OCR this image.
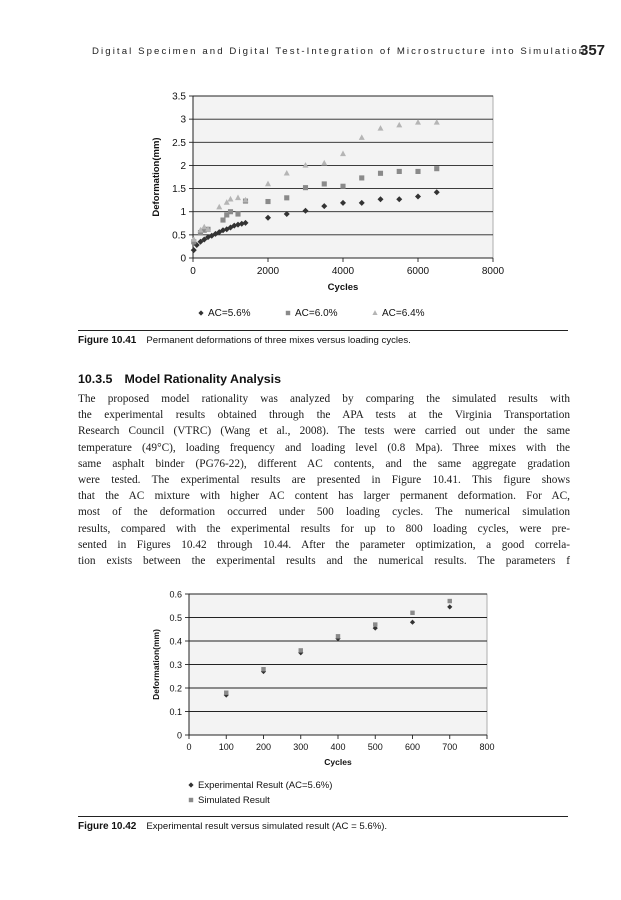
Digital Specimen and Digital Test-Integration of Microstructure into Simulation
357
0
0.5
1
1.5
2
2.5
3
3.5
0	2000	4000	6000	8000
Cycles
Deformation(mm)
AC=5.6%	AC=6.0%	AC=6.4%
Figure 10.41 Permanent deformations of three mixes versus loading cycles.
10.3.5 Model Rationality Analysis
The proposed model rationality was analyzed by comparing the simulated results with
the experimental results obtained through the APA tests at the Virginia Transportation
Research Council (VTRC) (Wang et al., 2008). The tests were carried out under the same
temperature (49°C), loading frequency and loading level (0.8 Mpa). Three mixes with the
same asphalt binder (PG76-22), different AC contents, and the same aggregate gradation
were tested. The experimental results are presented in Figure 10.41. This figure shows
that the AC mixture with higher AC content has larger permanent deformation. For AC,
most of the deformation occurred under 500 loading cycles. The numerical simulation
results, compared with the experimental results for up to 800 loading cycles, were pre-
sented in Figures 10.42 through 10.44. After the parameter optimization, a good correla-
tion exists between the experimental results and the numerical results. The parameters f
0
0.1
0.2
0.3
0.4
0.5
0.6
0	100 200 300 400 500 600 700 800
Cycles
Deformation(mm)
Experimental Result (AC=5.6%)
Simulated Result
Figure 10.42 Experimental result versus simulated result (AC = 5.6%).
